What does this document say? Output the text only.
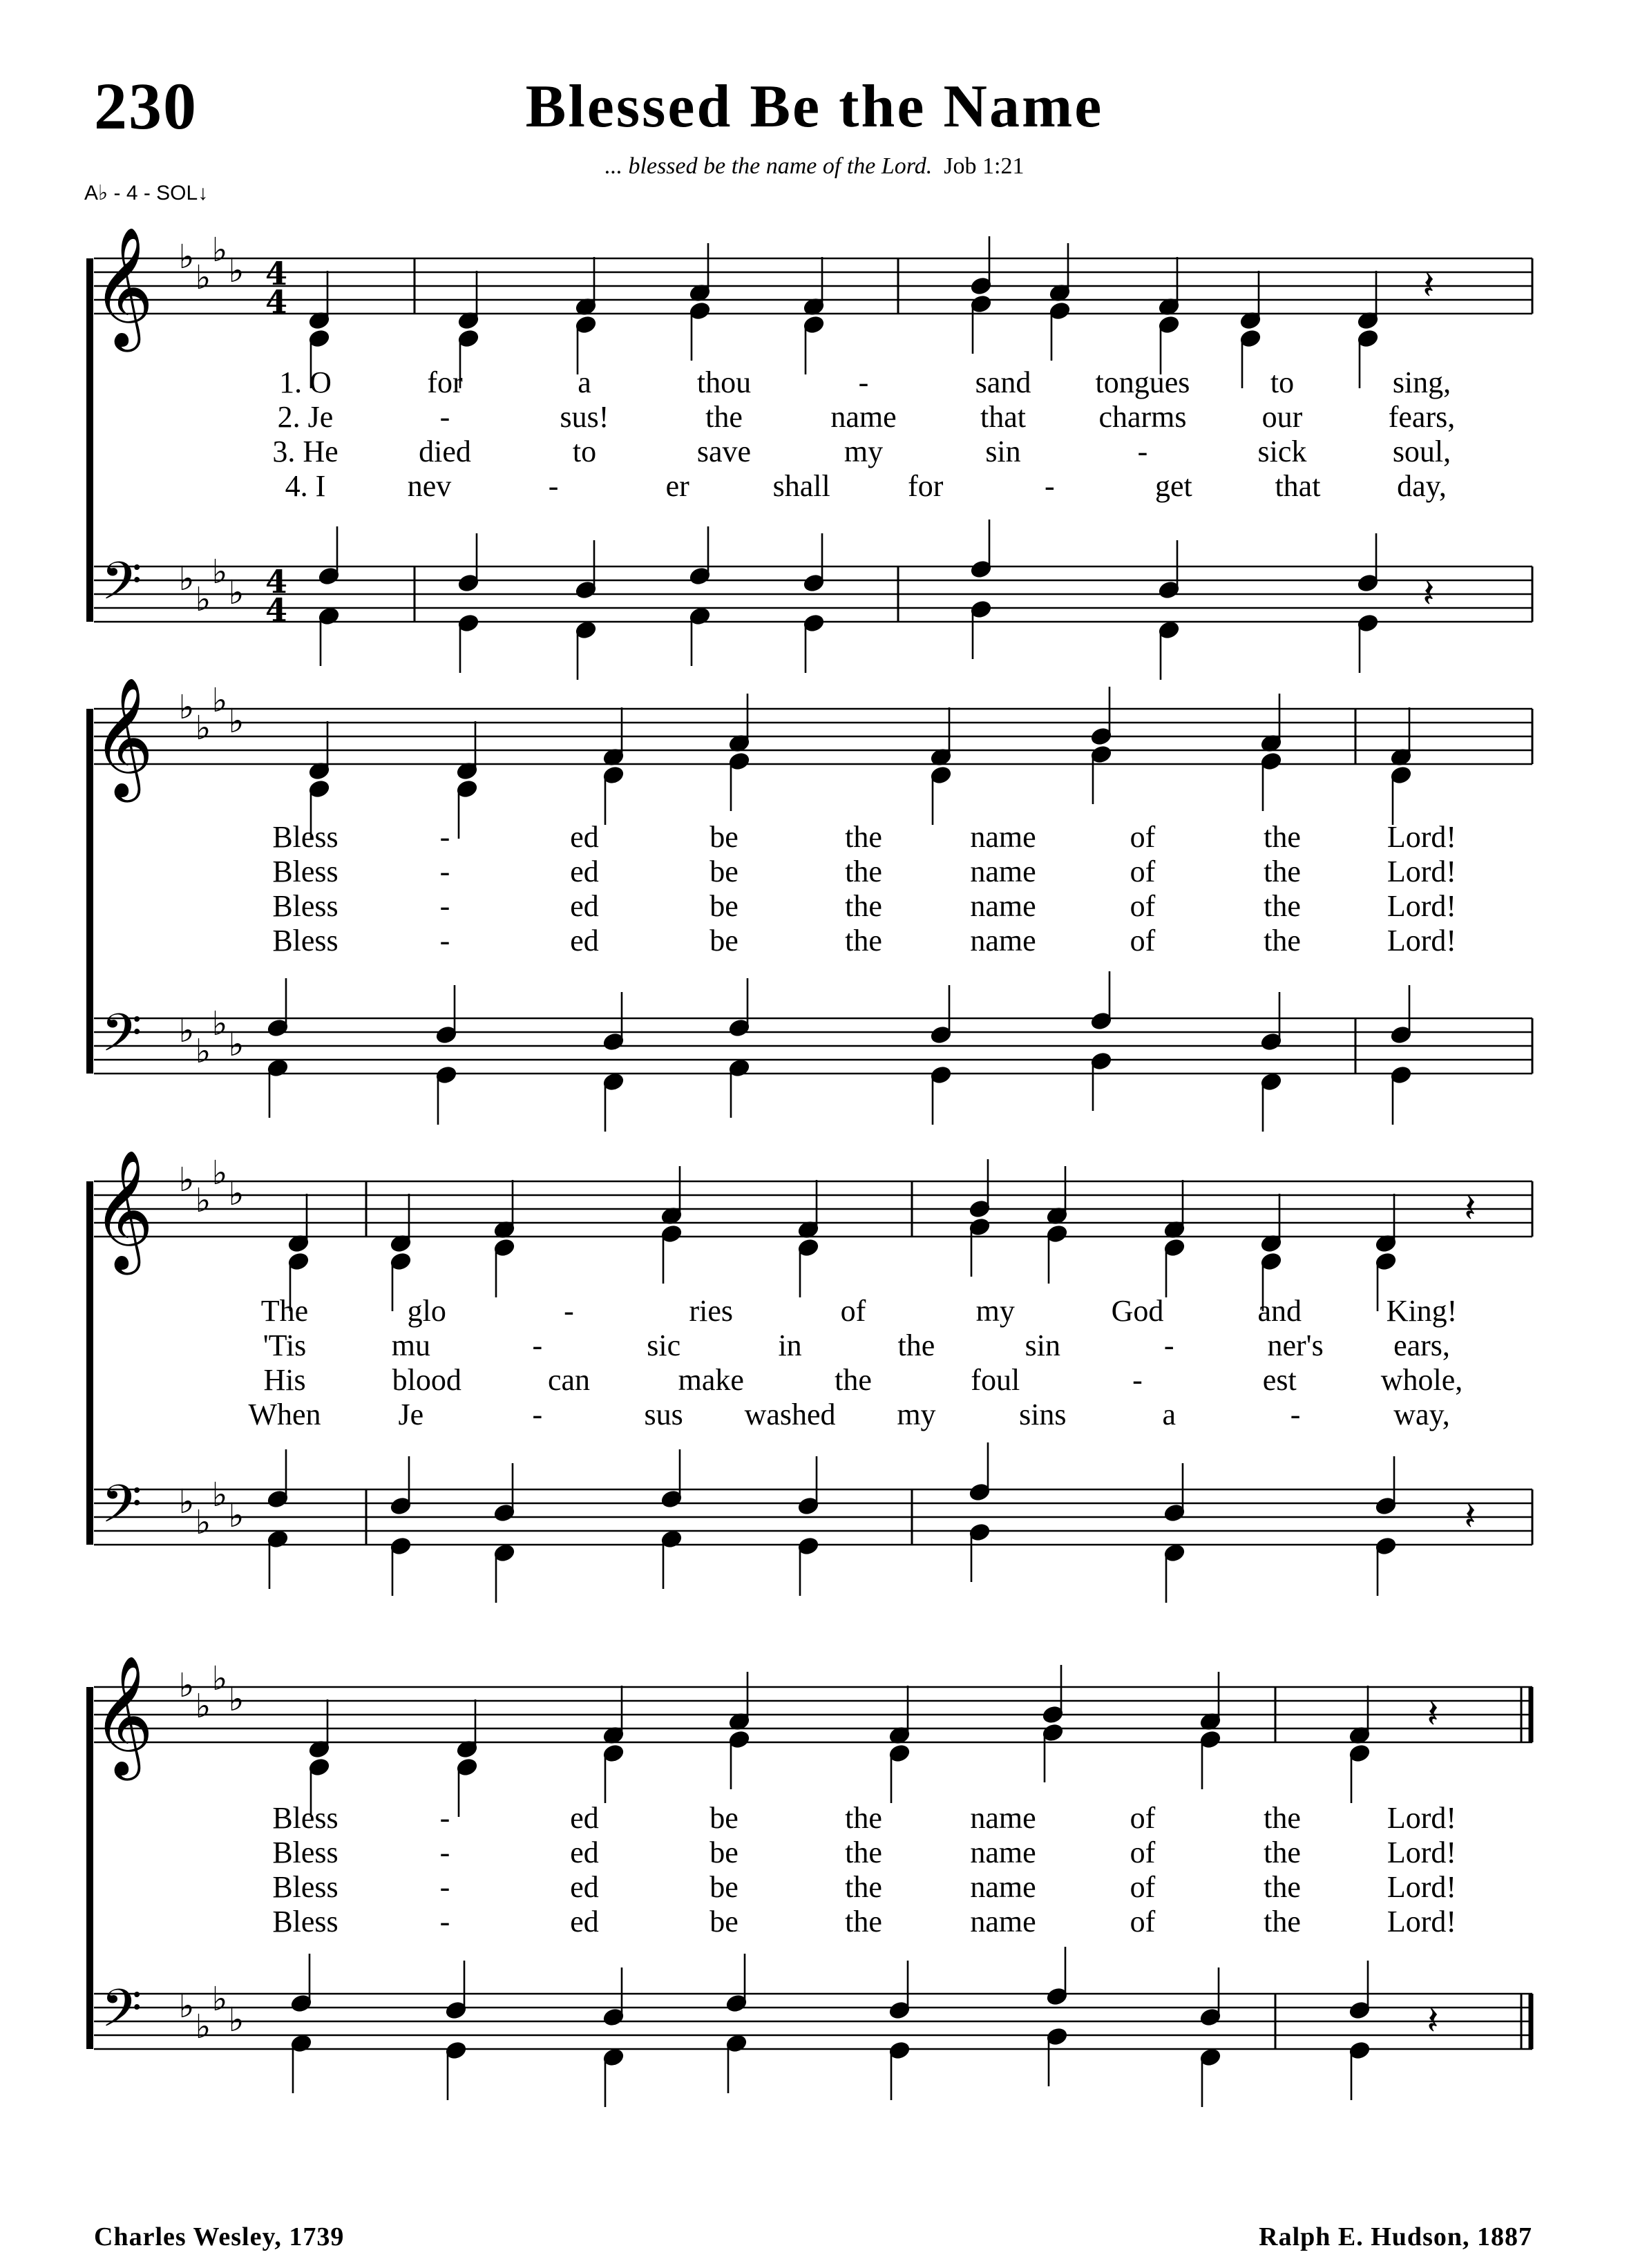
230	Blessed Be the Name
... blessed be the name of the Lord. Job 1:21
A♭ - 4 - SOL↓
𝄞 ♭
♭
♭
♭ 4
4	𝄽
𝄢 ♭
♭
♭
♭ 4
4	𝄽
1. O	for	a	thou	-	sand tongues	to	sing,
2. Je	-	sus!	the	name	that charms our	fears,
3. He	died	to	save	my	sin	-	sick	soul,
4. I	nev	-	er	shall	for	-	get	that	day,
𝄞 ♭
♭
♭
♭
𝄢 ♭
♭
♭
♭
Bless	-	ed	be	the	name	of	the	Lord!
Bless	-	ed	be	the	name	of	the	Lord!
Bless	-	ed	be	the	name	of	the	Lord!
Bless	-	ed	be	the	name	of	the	Lord!
𝄞 ♭
♭
♭
♭	𝄽
𝄢 ♭
♭
♭
♭	𝄽
The	glo	-	ries	of	my	God	and	King!
'Tis	mu	-	sic	in	the	sin	-	ner's ears,
His	blood	can	make	the	foul	-	est	whole,
When	Je	-	sus washed my	sins	a	-	way,
𝄞 ♭
♭
♭
♭	𝄽
𝄢 ♭
♭
♭
♭	𝄽
Bless	-	ed	be	the	name	of	the	Lord!
Bless	-	ed	be	the	name	of	the	Lord!
Bless	-	ed	be	the	name	of	the	Lord!
Bless	-	ed	be	the	name	of	the	Lord!
Charles Wesley, 1739	Ralph E. Hudson, 1887
